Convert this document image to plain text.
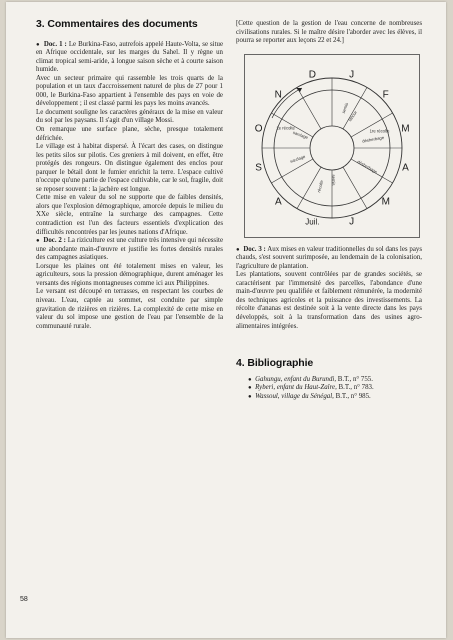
3. Commentaires des documents

● Doc. 1 : Le Burkina-Faso, autrefois appelé Haute-Volta, se situe en Afrique occidentale, sur les marges du Sahel. Il y règne un climat tropical semi-aride, à longue saison sèche et à courte saison humide.

Avec un secteur primaire qui rassemble les trois quarts de la population et un taux d'accroissement naturel de plus de 27 pour 1 000, le Burkina-Faso appartient à l'ensemble des pays en voie de développement ; il est classé parmi les pays les moins avancés.

Le document souligne les caractères généraux de la mise en valeur du sol par les paysans. Il s'agit d'un village Mossi.

On remarque une surface plane, sèche, presque totalement défrichée.

Le village est à habitat dispersé. À l'écart des cases, on distingue les petits silos sur pilotis. Ces greniers à mil doivent, en effet, être protégés des rongeurs. On distingue également des enclos pour parquer le bétail dont le fumier enrichit la terre. L'espace cultivé n'occupe qu'une partie de l'espace cultivable, car le sol, fragile, doit se reposer souvent : la jachère est longue.

Cette mise en valeur du sol ne supporte que de faibles densités, alors que l'explosion démographique, amorcée depuis le milieu du XXe siècle, entraîne la surcharge des campagnes. Cette contradiction est l'un des facteurs essentiels d'explication des difficultés rencontrées par les jeunes nations d'Afrique.

● Doc. 2 : La riziculture est une culture très intensive qui nécessite une abondante main-d'œuvre et justifie les fortes densités rurales des campagnes asiatiques.

Lorsque les plaines ont été totalement mises en valeur, les agriculteurs, sous la pression démographique, durent aménager les versants des régions montagneuses comme ici aux Philippines.

Le versant est découpé en terrasses, en respectant les courbes de niveau. L'eau, captée au sommet, est conduite par simple gravitation de rizières en rizières. La complexité de cette mise en valeur du sol impose une gestion de l'eau par l'ensemble de la communauté rurale.

[Cette question de la gestion de l'eau concerne de nombreuses civilisations rurales. Si le maître désire l'aborder avec les élèves, il pourra se reporter aux leçons 22 et 24.]

J
F
M
A
M
J
Juil.
A
S
O
N
D
labour
semis
sarclage
désherbage
récolte
sarclage
désherbage
semis
2e récolte
1re récolte

● Doc. 3 : Aux mises en valeur traditionnelles du sol dans les pays chauds, s'est souvent surimposée, au lendemain de la colonisation, l'agriculture de plantation.

Les plantations, souvent contrôlées par de grandes sociétés, se caractérisent par l'immensité des parcelles, l'abondance d'une main-d'œuvre peu qualifiée et faiblement rémunérée, la modernité des techniques agricoles et la puissance des investissements. La récolte d'ananas est destinée soit à la vente directe dans les pays développés, soit à la transformation dans des usines agro-alimentaires intégrées.

4. Bibliographie
● Gahungu, enfant du Burundi, B.T., n° 755.
● Ryberi, enfant du Haut-Zaïre, B.T., n° 783.
● Wassoul, village du Sénégal, B.T., n° 985.
58
